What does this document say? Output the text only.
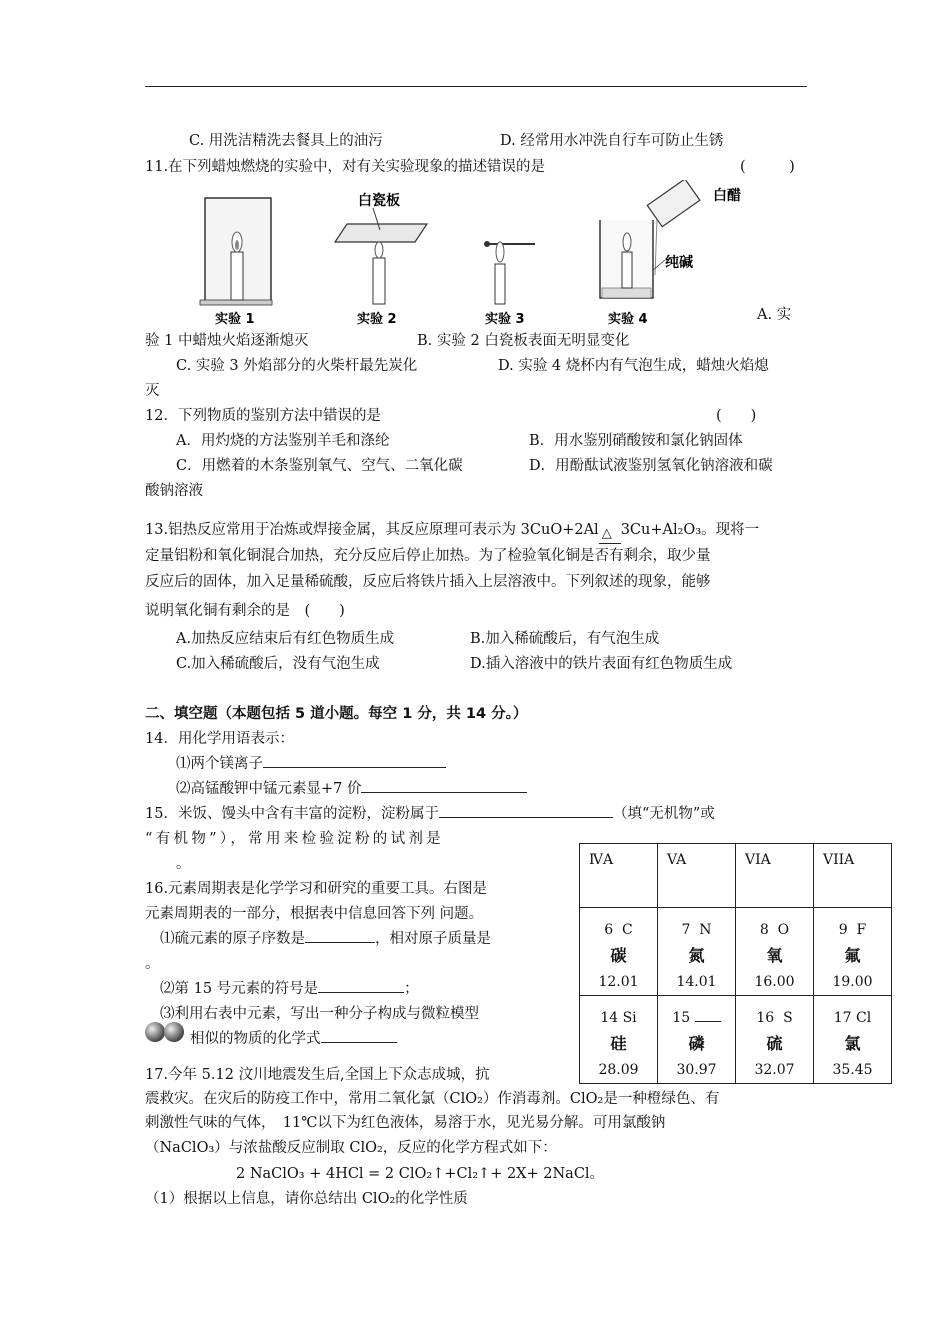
C. 用洗洁精洗去餐具上的油污	D. 经常用水冲洗自行车可防止生锈
11.在下列蜡烛燃烧的实验中，对有关实验现象的描述错误的是	(　　　)
实验 1
白瓷板
实验 2	实验 3
白醋
纯碱
实验 4	A. 实
验 1 中蜡烛火焰逐渐熄灭	B. 实验 2 白瓷板表面无明显变化
C. 实验 3 外焰部分的火柴杆最先炭化	D. 实验 4 烧杯内有气泡生成，蜡烛火焰熄
灭
12．下列物质的鉴别方法中错误的是	(　　)
A．用灼烧的方法鉴别羊毛和涤纶	B．用水鉴别硝酸铵和氯化钠固体
C．用燃着的木条鉴别氧气、空气、二氧化碳	D．用酚酞试液鉴别氢氧化钠溶液和碳
酸钠溶液
13.铝热反应常用于冶炼或焊接金属，其反应原理可表示为 3CuO+2Al △ 3Cu+Al₂O₃。现将一
定量铝粉和氧化铜混合加热，充分反应后停止加热。为了检验氧化铜是否有剩余，取少量
反应后的固体，加入足量稀硫酸，反应后将铁片插入上层溶液中。下列叙述的现象，能够
说明氧化铜有剩余的是　(　　)
A.加热反应结束后有红色物质生成	B.加入稀硫酸后，有气泡生成
C.加入稀硫酸后，没有气泡生成	D.插入溶液中的铁片表面有红色物质生成
二、填空题（本题包括 5 道小题。每空 1 分，共 14 分。）
14．用化学用语表示：
⑴两个镁离子
⑵高锰酸钾中锰元素显+7 价
15．米饭、馒头中含有丰富的淀粉，淀粉属于	（填“无机物”或
“有机物”），常用来检验淀粉的试剂是
。	ⅣA	VA	VIA	VIIA
6 C
碳
12.01	7 N
氮
14.01	8 O
氧
16.00	9 F
氟
19.00
14 Si
硅
28.09	15
磷
30.97	16 S
硫
32.07	17 Cl
氯
35.45
16.元素周期表是化学学习和研究的重要工具。右图是
元素周期表的一部分，根据表中信息回答下列 问题。
⑴硫元素的原子序数是	，相对原子质量是
。
⑵第 15 号元素的符号是	；
⑶利用右表中元素，写出一种分子构成与微粒模型
相似的物质的化学式
17.今年 5.12 汶川地震发生后,全国上下众志成城，抗
震救灾。在灾后的防疫工作中，常用二氧化氯（ClO₂）作消毒剂。ClO₂是一种橙绿色、有
刺激性气味的气体，　11℃以下为红色液体，易溶于水，见光易分解。可用氯酸钠
（NaClO₃）与浓盐酸反应制取 ClO₂，反应的化学方程式如下：
2 NaClO₃ + 4HCl = 2 ClO₂↑+Cl₂↑+ 2X+ 2NaCl。
（1）根据以上信息，请你总结出 ClO₂的化学性质
